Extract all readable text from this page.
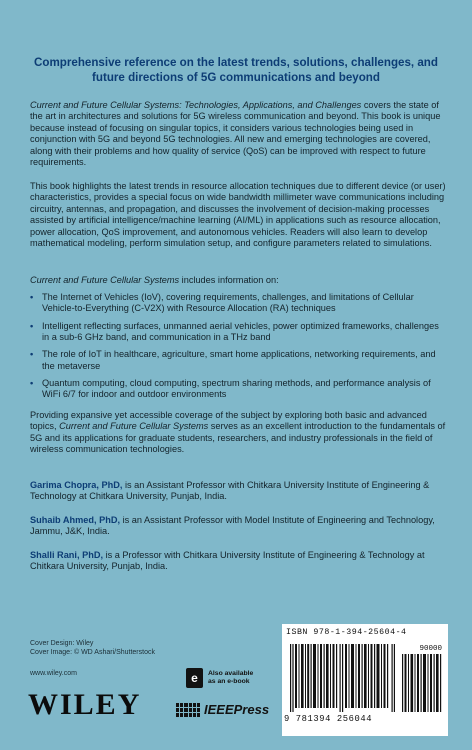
Comprehensive reference on the latest trends, solutions, challenges, and future directions of 5G communications and beyond

Current and Future Cellular Systems: Technologies, Applications, and Challenges covers the state of the art in architectures and solutions for 5G wireless communication and beyond. This book is unique because instead of focusing on singular topics, it considers various technologies being used in conjunction with 5G and beyond 5G technologies. All new and emerging technologies are covered, along with their problems and how quality of service (QoS) can be improved with respect to future requirements.

This book highlights the latest trends in resource allocation techniques due to different device (or user) characteristics, provides a special focus on wide bandwidth millimeter wave communications including circuitry, antennas, and propagation, and discusses the involvement of decision-making processes assisted by artificial intelligence/machine learning (AI/ML) in applications such as resource allocation, power allocation, QoS improvement, and autonomous vehicles. Readers will also learn to develop mathematical modeling, perform simulation setup, and configure parameters related to simulations.

Current and Future Cellular Systems includes information on:

• The Internet of Vehicles (IoV), covering requirements, challenges, and limitations of Cellular Vehicle-to-Everything (C-V2X) with Resource Allocation (RA) techniques
• Intelligent reflecting surfaces, unmanned aerial vehicles, power optimized frameworks, challenges in a sub-6 GHz band, and communication in a THz band
• The role of IoT in healthcare, agriculture, smart home applications, networking requirements, and the metaverse
• Quantum computing, cloud computing, spectrum sharing methods, and performance analysis of WiFi 6/7 for indoor and outdoor environments

Providing expansive yet accessible coverage of the subject by exploring both basic and advanced topics, Current and Future Cellular Systems serves as an excellent introduction to the fundamentals of 5G and its applications for graduate students, researchers, and industry professionals in the field of wireless communication technologies.

Garima Chopra, PhD, is an Assistant Professor with Chitkara University Institute of Engineering & Technology at Chitkara University, Punjab, India.

Suhaib Ahmed, PhD, is an Assistant Professor with Model Institute of Engineering and Technology, Jammu, J&K, India.

Shalli Rani, PhD, is a Professor with Chitkara University Institute of Engineering & Technology at Chitkara University, Punjab, India.

Cover Design: Wiley
Cover Image: © WD Ashari/Shutterstock
www.wiley.com
WILEY
e	Also available
as an e-book
IEEEPress
ISBN 978-1-394-25604-4
90000
9 781394 256044
